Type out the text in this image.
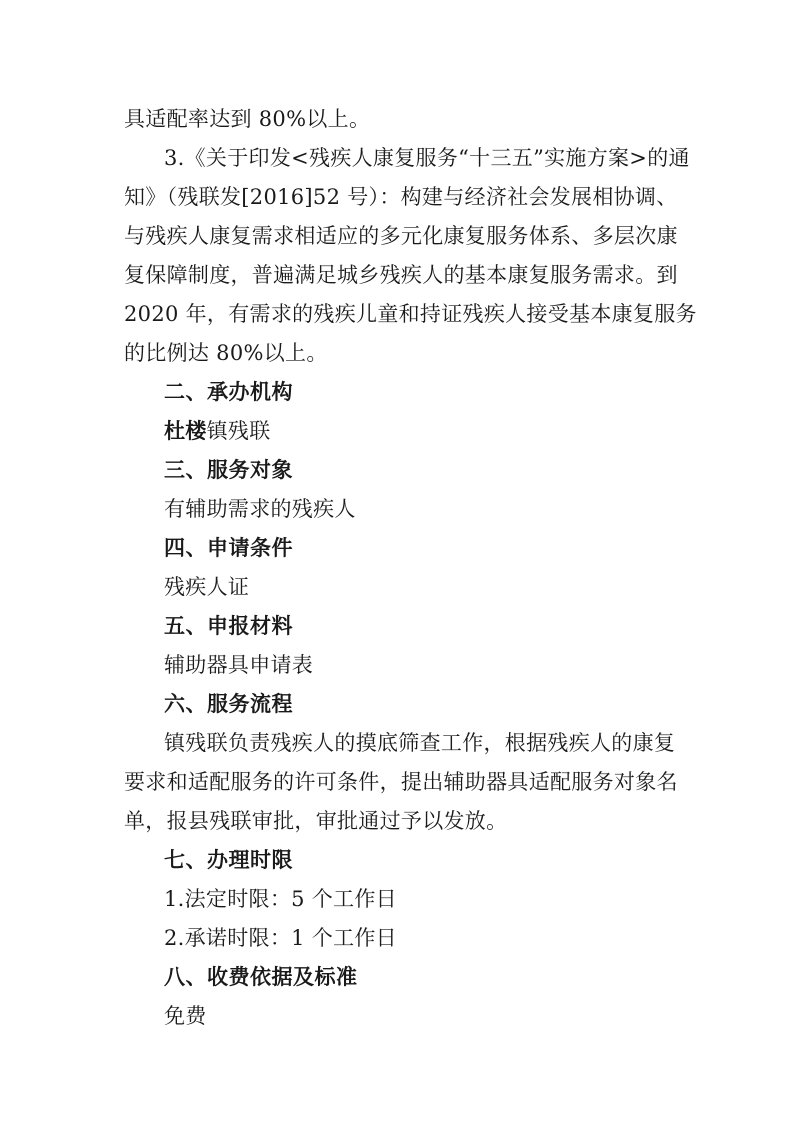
具适配率达到 80%以上。
3.《关于印发<残疾人康复服务“十三五”实施方案>的通
知》（残联发[2016]52 号）：构建与经济社会发展相协调、
与残疾人康复需求相适应的多元化康复服务体系、多层次康
复保障制度，普遍满足城乡残疾人的基本康复服务需求。到
2020 年，有需求的残疾儿童和持证残疾人接受基本康复服务
的比例达 80%以上。
二、承办机构
杜楼镇残联
三、服务对象
有辅助需求的残疾人
四、申请条件
残疾人证
五、申报材料
辅助器具申请表
六、服务流程
镇残联负责残疾人的摸底筛查工作，根据残疾人的康复
要求和适配服务的许可条件，提出辅助器具适配服务对象名
单，报县残联审批，审批通过予以发放。
七、办理时限
1.法定时限：5 个工作日
2.承诺时限：1 个工作日
八、收费依据及标准
免费
